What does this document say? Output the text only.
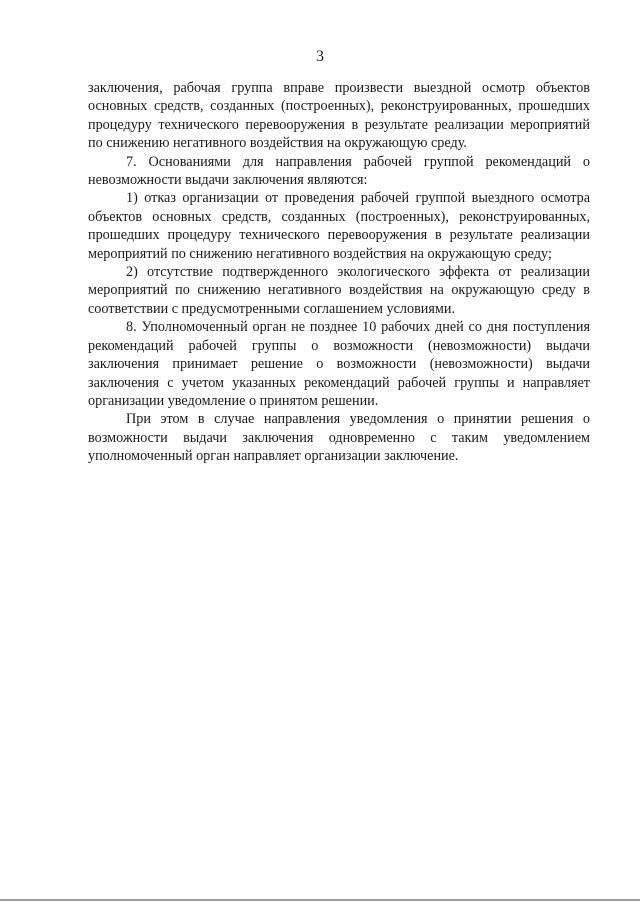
3

заключения, рабочая группа вправе произвести выездной осмотр объектов основных средств, созданных (построенных), реконструированных, прошедших процедуру технического перевооружения в результате реализации мероприятий по снижению негативного воздействия на окружающую среду.

7. Основаниями для направления рабочей группой рекомендаций о невозможности выдачи заключения являются:

1) отказ организации от проведения рабочей группой выездного осмотра объектов основных средств, созданных (построенных), реконструированных, прошедших процедуру технического перевооружения в результате реализации мероприятий по снижению негативного воздействия на окружающую среду;

2) отсутствие подтвержденного экологического эффекта от реализации мероприятий по снижению негативного воздействия на окружающую среду в соответствии с предусмотренными соглашением условиями.

8. Уполномоченный орган не позднее 10 рабочих дней со дня поступления рекомендаций рабочей группы о возможности (невозможности) выдачи заключения принимает решение о возможности (невозможности) выдачи заключения с учетом указанных рекомендаций рабочей группы и направляет организации уведомление о принятом решении.

При этом в случае направления уведомления о принятии решения о возможности выдачи заключения одновременно с таким уведомлением уполномоченный орган направляет организации заключение.
